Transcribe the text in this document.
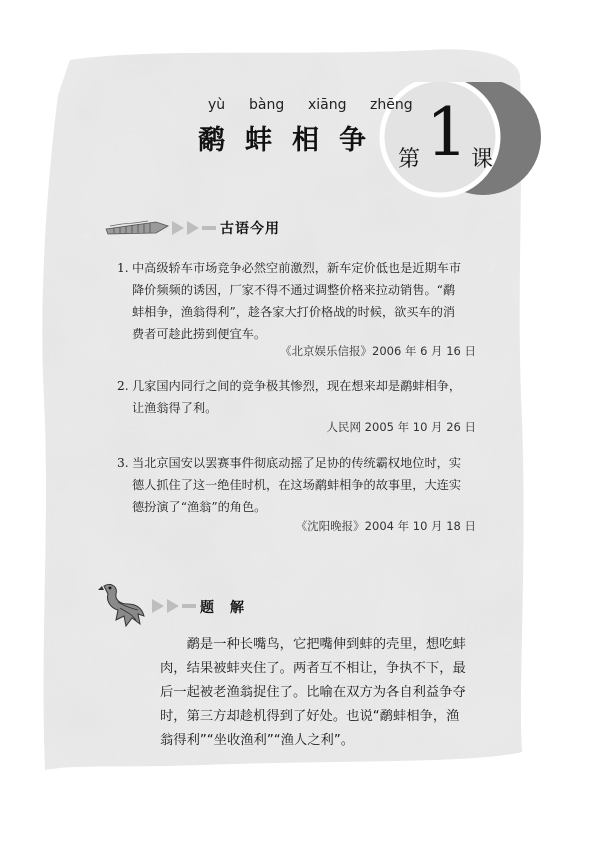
第 1 课
yù bàng xiāng zhēng
鹬 蚌 相 争
古语今用
1. 中高级轿车市场竞争必然空前激烈，新车定价低也是近期车市
降价频频的诱因，厂家不得不通过调整价格来拉动销售。“鹬
蚌相争，渔翁得利”，趁各家大打价格战的时候，欲买车的消
费者可趁此捞到便宜车。
《北京娱乐信报》2006 年 6 月 16 日
2. 几家国内同行之间的竞争极其惨烈，现在想来却是鹬蚌相争，
让渔翁得了利。
人民网 2005 年 10 月 26 日
3. 当北京国安以罢赛事件彻底动摇了足协的传统霸权地位时，实
德人抓住了这一绝佳时机，在这场鹬蚌相争的故事里，大连实
德扮演了“渔翁”的角色。
《沈阳晚报》2004 年 10 月 18 日
题　解
　　鹬是一种长嘴鸟，它把嘴伸到蚌的壳里，想吃蚌
肉，结果被蚌夹住了。两者互不相让，争执不下，最
后一起被老渔翁捉住了。比喻在双方为各自利益争夺
时，第三方却趁机得到了好处。也说“鹬蚌相争，渔
翁得利”“坐收渔利”“渔人之利”。
